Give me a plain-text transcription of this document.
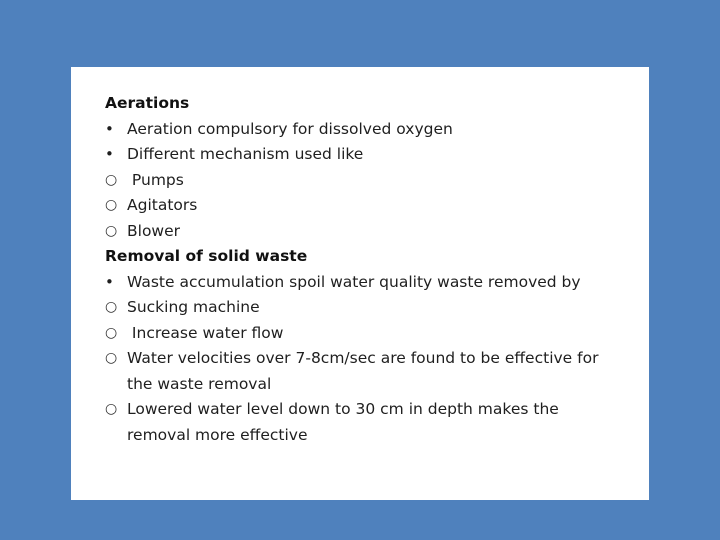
Aerations
• Aeration compulsory for dissolved oxygen
• Different mechanism used like
○ Pumps
○ Agitators
○ Blower
Removal of solid waste
• Waste accumulation spoil water quality waste removed by
○ Sucking machine
○ Increase water flow
○ Water velocities over 7-8cm/sec are found to be effective for the waste removal
○ Lowered water level down to 30 cm in depth makes the removal more effective
